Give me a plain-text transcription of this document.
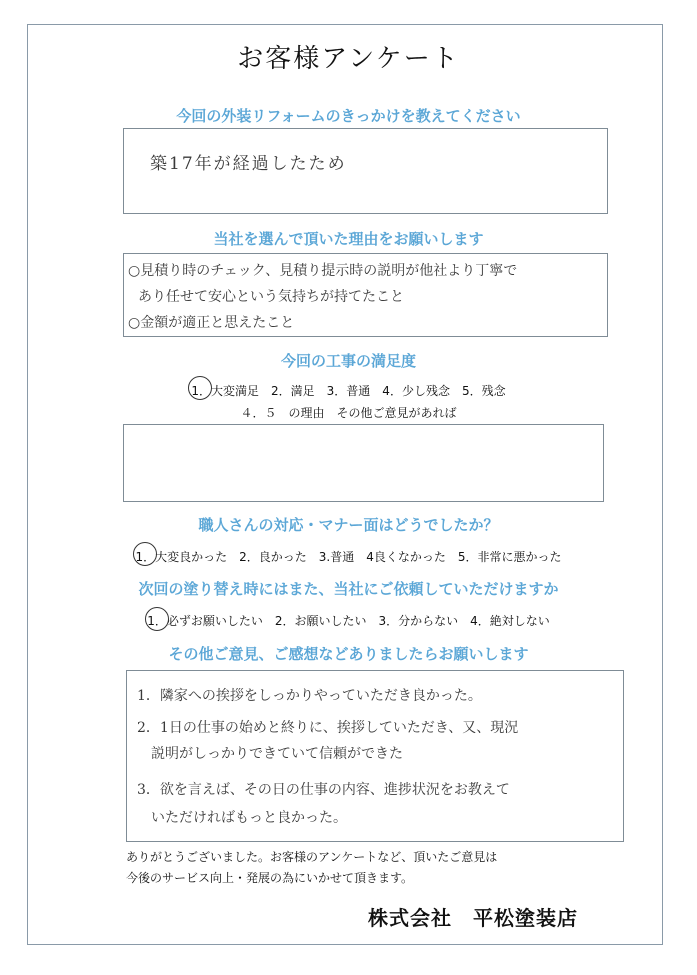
お客様アンケート
今回の外装リフォームのきっかけを教えてください
築17年が経過したため
当社を選んで頂いた理由をお願いします
○見積り時のチェック、見積り提示時の説明が他社より丁寧で
あり任せて安心という気持ちが持てたこと
○金額が適正と思えたこと
今回の工事の満足度
1．大変満足　2．満足　3．普通　4．少し残念　5．残念
４．５　の理由　その他ご意見があれば
職人さんの対応・マナー面はどうでしたか？
1．大変良かった　2．良かった　3.普通　4良くなかった　5．非常に悪かった
次回の塗り替え時にはまた、当社にご依頼していただけますか
1．必ずお願いしたい　2．お願いしたい　3．分からない　4．絶対しない
その他ご意見、ご感想などありましたらお願いします
1．隣家への挨拶をしっかりやっていただき良かった。
2．1日の仕事の始めと終りに、挨拶していただき、又、現況
説明がしっかりできていて信頼ができた
3．欲を言えば、その日の仕事の内容、進捗状況をお教えて
いただければもっと良かった。
ありがとうございました。お客様のアンケートなど、頂いたご意見は
今後のサービス向上・発展の為にいかせて頂きます。
株式会社　平松塗装店
